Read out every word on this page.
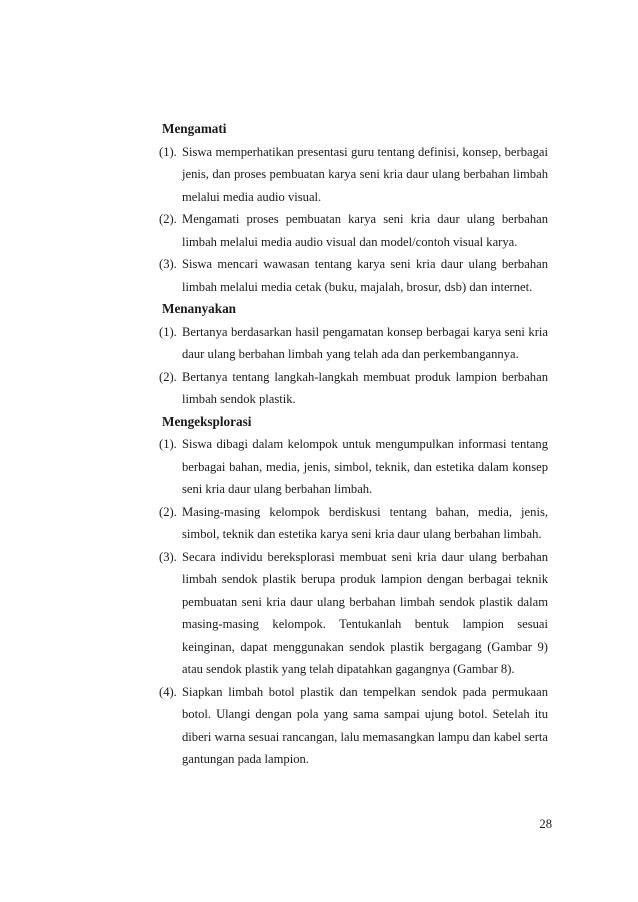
Mengamati

(1). Siswa memperhatikan presentasi guru tentang definisi, konsep, berbagai jenis, dan proses pembuatan karya seni kria daur ulang berbahan limbah melalui media audio visual.
(2). Mengamati proses pembuatan karya seni kria daur ulang berbahan limbah melalui media audio visual dan model/contoh visual karya.
(3). Siswa mencari wawasan tentang karya seni kria daur ulang berbahan limbah melalui media cetak (buku, majalah, brosur, dsb) dan internet.

Menanyakan

(1). Bertanya berdasarkan hasil pengamatan konsep berbagai karya seni kria daur ulang berbahan limbah yang telah ada dan perkembangannya.
(2). Bertanya tentang langkah-langkah membuat produk lampion berbahan limbah sendok plastik.

Mengeksplorasi

(1). Siswa dibagi dalam kelompok untuk mengumpulkan informasi tentang berbagai bahan, media, jenis, simbol, teknik, dan estetika dalam konsep seni kria daur ulang berbahan limbah.
(2). Masing-masing kelompok berdiskusi tentang bahan, media, jenis, simbol, teknik dan estetika karya seni kria daur ulang berbahan limbah.
(3). Secara individu bereksplorasi membuat seni kria daur ulang berbahan limbah sendok plastik berupa produk lampion dengan berbagai teknik pembuatan seni kria daur ulang berbahan limbah sendok plastik dalam masing-masing kelompok. Tentukanlah bentuk lampion sesuai keinginan, dapat menggunakan sendok plastik bergagang (Gambar 9) atau sendok plastik yang telah dipatahkan gagangnya (Gambar 8).
(4). Siapkan limbah botol plastik dan tempelkan sendok pada permukaan botol. Ulangi dengan pola yang sama sampai ujung botol. Setelah itu diberi warna sesuai rancangan, lalu memasangkan lampu dan kabel serta gantungan pada lampion.
28
